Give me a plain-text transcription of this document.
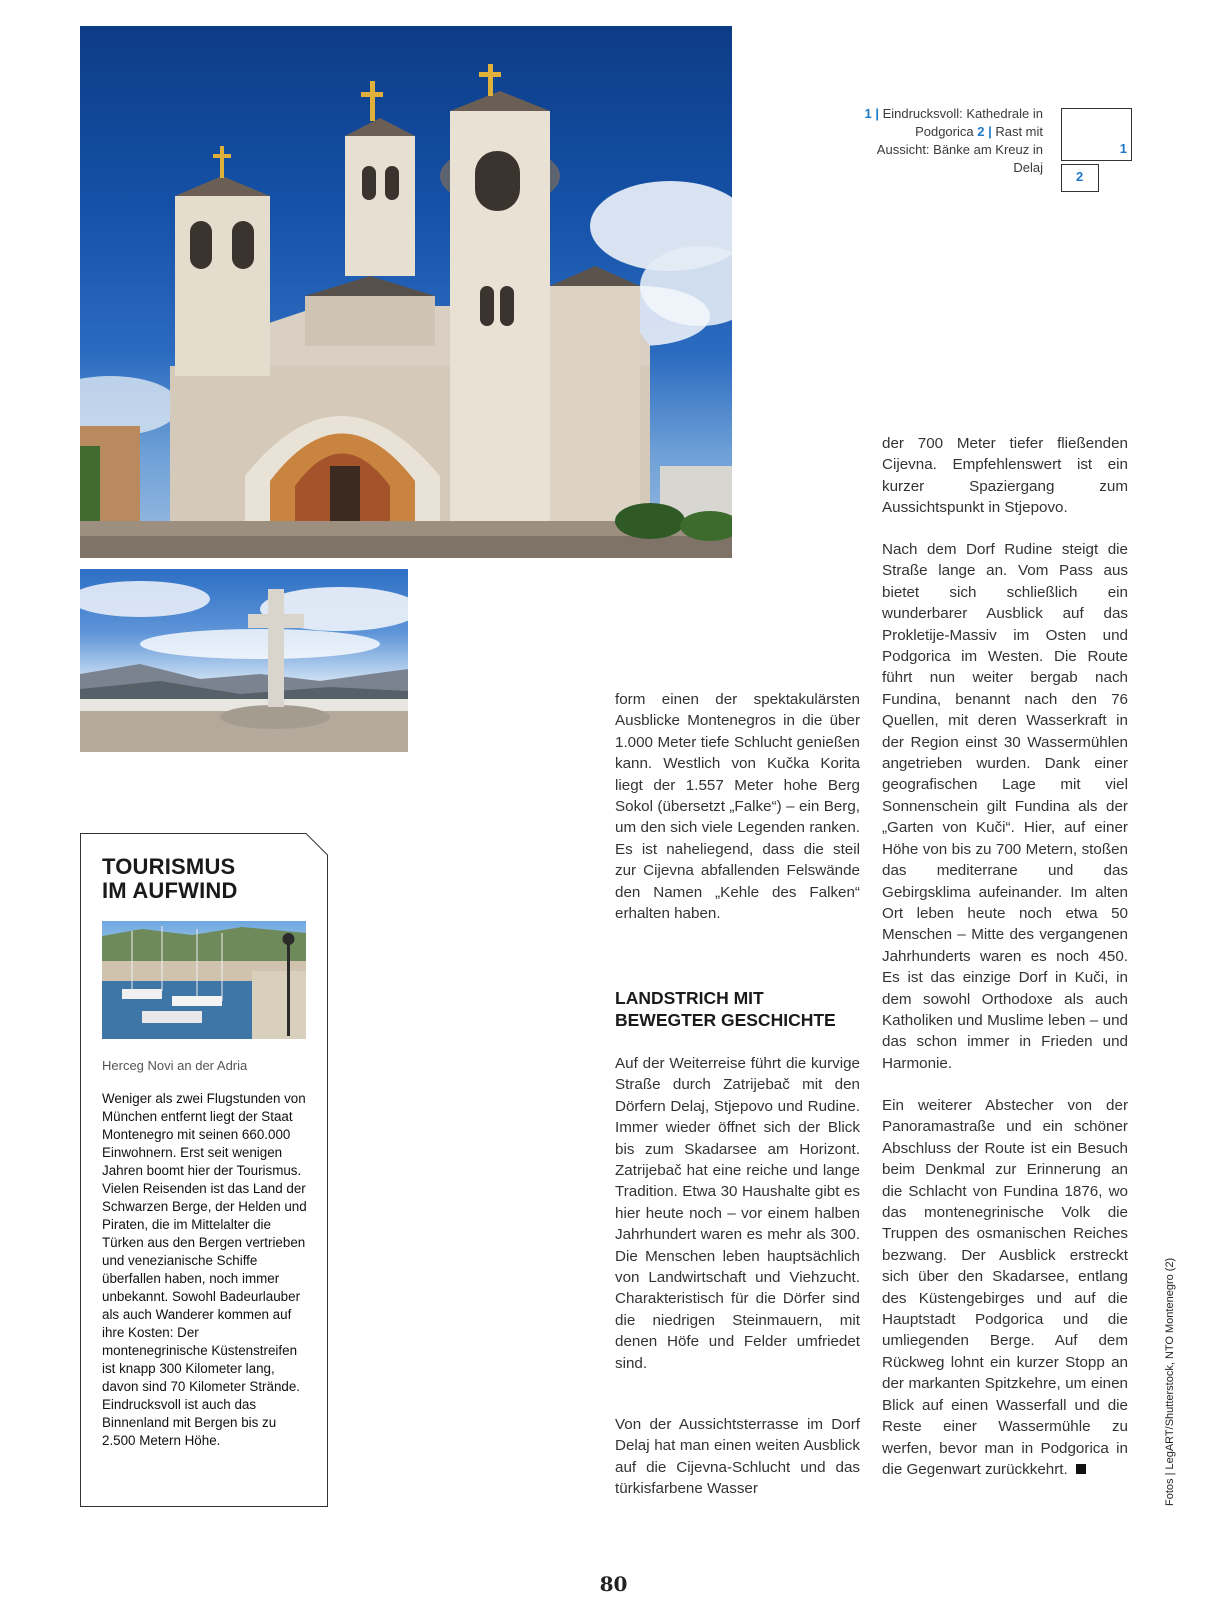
1 | Eindrucksvoll: Kathedrale in Podgorica 2 | Rast mit Aussicht: Bänke am Kreuz in Delaj
1
2
TOURISMUS
IM AUFWIND
Herceg Novi an der Adria
Weniger als zwei Flugstunden von München entfernt liegt der Staat Montenegro mit seinen 660.000 Einwohnern. Erst seit wenigen Jahren boomt hier der Tourismus. Vielen Reisenden ist das Land der Schwarzen Berge, der Helden und Piraten, die im Mittelalter die Türken aus den Bergen vertrieben und venezianische Schiffe überfallen haben, noch immer unbekannt. Sowohl Badeurlauber als auch Wanderer kommen auf ihre Kosten: Der montenegrinische Küstenstreifen ist knapp 300 Kilometer lang, davon sind 70 Kilometer Strände. Eindrucksvoll ist auch das Binnenland mit Bergen bis zu 2.500 Metern Höhe.
form einen der spektakulärsten Ausblicke Montenegros in die über 1.000 Meter tiefe Schlucht genießen kann. Westlich von Kučka Korita liegt der 1.557 Meter hohe Berg Sokol (übersetzt „Falke“) – ein Berg, um den sich viele Legenden ranken. Es ist naheliegend, dass die steil zur Cijevna abfallenden Felswände den Namen „Kehle des Falken“ erhalten haben.
LANDSTRICH MIT
BEWEGTER GESCHICHTE
Auf der Weiterreise führt die kurvige Straße durch Zatrijebač mit den Dörfern Delaj, Stjepovo und Rudine. Immer wieder öffnet sich der Blick bis zum Skadarsee am Horizont. Zatrijebač hat eine reiche und lange Tradition. Etwa 30 Haushalte gibt es hier heute noch – vor einem halben Jahrhundert waren es mehr als 300. Die Menschen leben hauptsächlich von Landwirtschaft und Viehzucht. Charakteristisch für die Dörfer sind die niedrigen Steinmauern, mit denen Höfe und Felder umfriedet sind.
Von der Aussichtsterrasse im Dorf Delaj hat man einen weiten Ausblick auf die Cijevna-Schlucht und das türkisfarbene Wasser
der 700 Meter tiefer fließenden Cijevna. Empfehlenswert ist ein kurzer Spaziergang zum Aussichtspunkt in Stjepovo.
Nach dem Dorf Rudine steigt die Straße lange an. Vom Pass aus bietet sich schließlich ein wunderbarer Ausblick auf das Prokletije-Massiv im Osten und Podgorica im Westen. Die Route führt nun weiter bergab nach Fundina, benannt nach den 76 Quellen, mit deren Wasserkraft in der Region einst 30 Wassermühlen angetrieben wurden. Dank einer geografischen Lage mit viel Sonnenschein gilt Fundina als der „Garten von Kuči“. Hier, auf einer Höhe von bis zu 700 Metern, stoßen das mediterrane und das Gebirgsklima aufeinander. Im alten Ort leben heute noch etwa 50 Menschen – Mitte des vergangenen Jahrhunderts waren es noch 450. Es ist das einzige Dorf in Kuči, in dem sowohl Orthodoxe als auch Katholiken und Muslime leben – und das schon immer in Frieden und Harmonie.
Ein weiterer Abstecher von der Panoramastraße und ein schöner Abschluss der Route ist ein Besuch beim Denkmal zur Erinnerung an die Schlacht von Fundina 1876, wo das montenegrinische Volk die Truppen des osmanischen Reiches bezwang. Der Ausblick erstreckt sich über den Skadarsee, entlang des Küstengebirges und auf die Hauptstadt Podgorica und die umliegenden Berge. Auf dem Rückweg lohnt ein kurzer Stopp an der markanten Spitzkehre, um einen Blick auf einen Wasserfall und die Reste einer Wassermühle zu werfen, bevor man in Podgorica in die Gegenwart zurückkehrt.	Fotos | LegART/Shutterstock, NTO Montenegro (2)
80
